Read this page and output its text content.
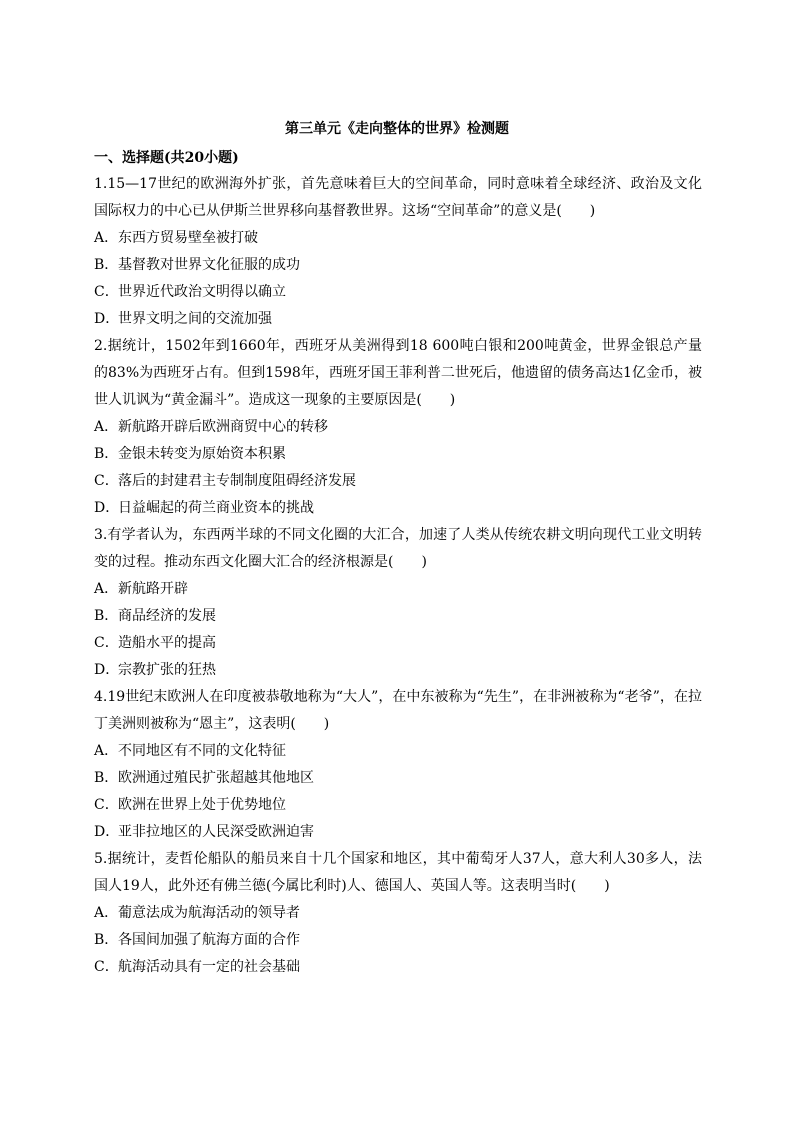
第三单元《走向整体的世界》检测题
一、选择题(共20小题)
1.15—17世纪的欧洲海外扩张，首先意味着巨大的空间革命，同时意味着全球经济、政治及文化国际权力的中心已从伊斯兰世界移向基督教世界。这场“空间革命”的意义是(　　)
A．东西方贸易壁垒被打破
B．基督教对世界文化征服的成功
C．世界近代政治文明得以确立
D．世界文明之间的交流加强
2.据统计，1502年到1660年，西班牙从美洲得到18 600吨白银和200吨黄金，世界金银总产量的83%为西班牙占有。但到1598年，西班牙国王菲利普二世死后，他遗留的债务高达1亿金币，被世人讥讽为“黄金漏斗”。造成这一现象的主要原因是(　　)
A．新航路开辟后欧洲商贸中心的转移
B．金银未转变为原始资本积累
C．落后的封建君主专制制度阻碍经济发展
D．日益崛起的荷兰商业资本的挑战
3.有学者认为，东西两半球的不同文化圈的大汇合，加速了人类从传统农耕文明向现代工业文明转变的过程。推动东西文化圈大汇合的经济根源是(　　)
A．新航路开辟
B．商品经济的发展
C．造船水平的提高
D．宗教扩张的狂热
4.19世纪末欧洲人在印度被恭敬地称为“大人”，在中东被称为“先生”，在非洲被称为“老爷”，在拉丁美洲则被称为“恩主”，这表明(　　)
A．不同地区有不同的文化特征
B．欧洲通过殖民扩张超越其他地区
C．欧洲在世界上处于优势地位
D．亚非拉地区的人民深受欧洲迫害
5.据统计，麦哲伦船队的船员来自十几个国家和地区，其中葡萄牙人37人，意大利人30多人，法国人19人，此外还有佛兰德(今属比利时)人、德国人、英国人等。这表明当时(　　)
A．葡意法成为航海活动的领导者
B．各国间加强了航海方面的合作
C．航海活动具有一定的社会基础
